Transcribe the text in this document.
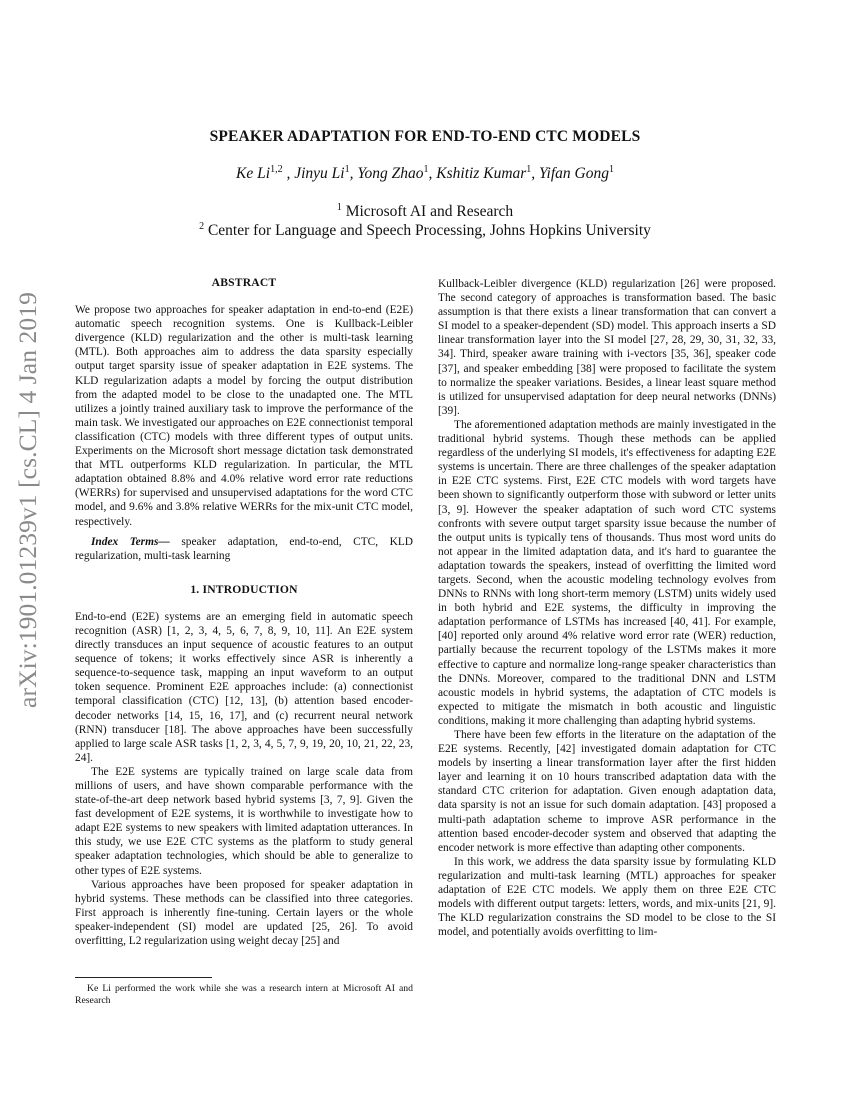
arXiv:1901.01239v1 [cs.CL] 4 Jan 2019
SPEAKER ADAPTATION FOR END-TO-END CTC MODELS
Ke Li$^{1,2}$ , Jinyu Li$^1$, Yong Zhao$^1$, Kshitiz Kumar$^1$, Yifan Gong$^1$
$^1$ Microsoft AI and Research
$^2$ Center for Language and Speech Processing, Johns Hopkins University
ABSTRACT

We propose two approaches for speaker adaptation in end-to-end (E2E) automatic speech recognition systems. One is Kullback-Leibler divergence (KLD) regularization and the other is multi-task learning (MTL). Both approaches aim to address the data sparsity especially output target sparsity issue of speaker adaptation in E2E systems. The KLD regularization adapts a model by forcing the output distribution from the adapted model to be close to the unadapted one. The MTL utilizes a jointly trained auxiliary task to improve the performance of the main task. We investigated our approaches on E2E connectionist temporal classification (CTC) models with three different types of output units. Experiments on the Microsoft short message dictation task demonstrated that MTL outperforms KLD regularization. In particular, the MTL adaptation obtained 8.8% and 4.0% relative word error rate reductions (WERRs) for supervised and unsupervised adaptations for the word CTC model, and 9.6% and 3.8% relative WERRs for the mix-unit CTC model, respectively.

Index Terms— speaker adaptation, end-to-end, CTC, KLD regularization, multi-task learning

1. INTRODUCTION

End-to-end (E2E) systems are an emerging field in automatic speech recognition (ASR) [1, 2, 3, 4, 5, 6, 7, 8, 9, 10, 11]. An E2E system directly transduces an input sequence of acoustic features to an output sequence of tokens; it works effectively since ASR is inherently a sequence-to-sequence task, mapping an input waveform to an output token sequence. Prominent E2E approaches include: (a) connectionist temporal classification (CTC) [12, 13], (b) attention based encoder-decoder networks [14, 15, 16, 17], and (c) recurrent neural network (RNN) transducer [18]. The above approaches have been successfully applied to large scale ASR tasks [1, 2, 3, 4, 5, 7, 9, 19, 20, 10, 21, 22, 23, 24].

The E2E systems are typically trained on large scale data from millions of users, and have shown comparable performance with the state-of-the-art deep network based hybrid systems [3, 7, 9]. Given the fast development of E2E systems, it is worthwhile to investigate how to adapt E2E systems to new speakers with limited adaptation utterances. In this study, we use E2E CTC systems as the platform to study general speaker adaptation technologies, which should be able to generalize to other types of E2E systems.

Various approaches have been proposed for speaker adaptation in hybrid systems. These methods can be classified into three categories. First approach is inherently fine-tuning. Certain layers or the whole speaker-independent (SI) model are updated [25, 26]. To avoid overfitting, L2 regularization using weight decay [25] and

Ke Li performed the work while she was a research intern at Microsoft AI and Research

Kullback-Leibler divergence (KLD) regularization [26] were proposed. The second category of approaches is transformation based. The basic assumption is that there exists a linear transformation that can convert a SI model to a speaker-dependent (SD) model. This approach inserts a SD linear transformation layer into the SI model [27, 28, 29, 30, 31, 32, 33, 34]. Third, speaker aware training with i-vectors [35, 36], speaker code [37], and speaker embedding [38] were proposed to facilitate the system to normalize the speaker variations. Besides, a linear least square method is utilized for unsupervised adaptation for deep neural networks (DNNs) [39].

The aforementioned adaptation methods are mainly investigated in the traditional hybrid systems. Though these methods can be applied regardless of the underlying SI models, it's effectiveness for adapting E2E systems is uncertain. There are three challenges of the speaker adaptation in E2E CTC systems. First, E2E CTC models with word targets have been shown to significantly outperform those with subword or letter units [3, 9]. However the speaker adaptation of such word CTC systems confronts with severe output target sparsity issue because the number of the output units is typically tens of thousands. Thus most word units do not appear in the limited adaptation data, and it's hard to guarantee the adaptation towards the speakers, instead of overfitting the limited word targets. Second, when the acoustic modeling technology evolves from DNNs to RNNs with long short-term memory (LSTM) units widely used in both hybrid and E2E systems, the difficulty in improving the adaptation performance of LSTMs has increased [40, 41]. For example, [40] reported only around 4% relative word error rate (WER) reduction, partially because the recurrent topology of the LSTMs makes it more effective to capture and normalize long-range speaker characteristics than the DNNs. Moreover, compared to the traditional DNN and LSTM acoustic models in hybrid systems, the adaptation of CTC models is expected to mitigate the mismatch in both acoustic and linguistic conditions, making it more challenging than adapting hybrid systems.

There have been few efforts in the literature on the adaptation of the E2E systems. Recently, [42] investigated domain adaptation for CTC models by inserting a linear transformation layer after the first hidden layer and learning it on 10 hours transcribed adaptation data with the standard CTC criterion for adaptation. Given enough adaptation data, data sparsity is not an issue for such domain adaptation. [43] proposed a multi-path adaptation scheme to improve ASR performance in the attention based encoder-decoder system and observed that adapting the encoder network is more effective than adapting other components.

In this work, we address the data sparsity issue by formulating KLD regularization and multi-task learning (MTL) approaches for speaker adaptation of E2E CTC models. We apply them on three E2E CTC models with different output targets: letters, words, and mix-units [21, 9]. The KLD regularization constrains the SD model to be close to the SI model, and potentially avoids overfitting to lim-
